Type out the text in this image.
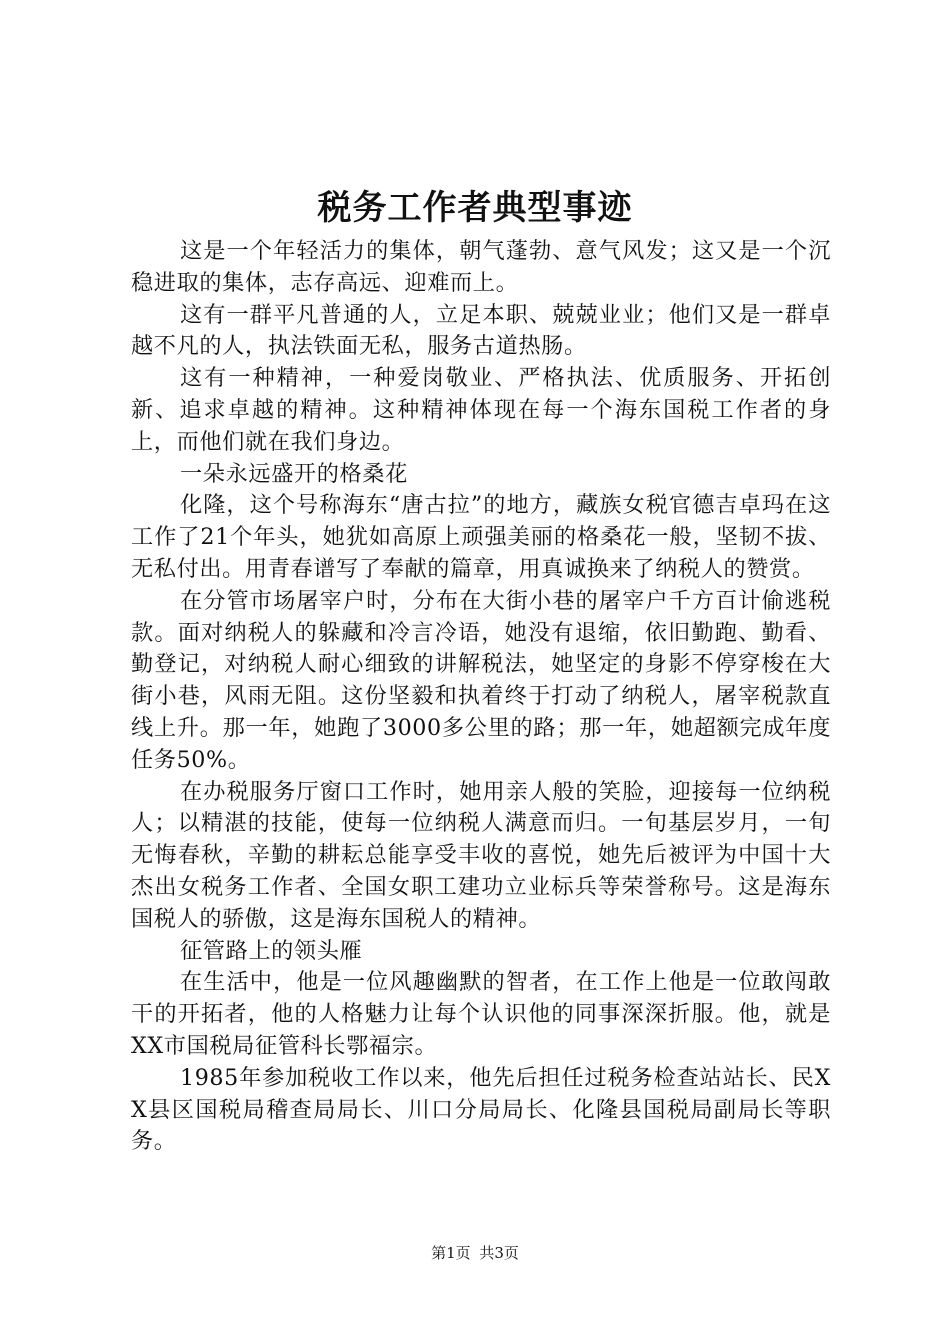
税务工作者典型事迹

这是一个年轻活力的集体，朝气蓬勃、意气风发；这又是一个沉稳进取的集体，志存高远、迎难而上。

这有一群平凡普通的人，立足本职、兢兢业业；他们又是一群卓越不凡的人，执法铁面无私，服务古道热肠。

这有一种精神，一种爱岗敬业、严格执法、优质服务、开拓创新、追求卓越的精神。这种精神体现在每一个海东国税工作者的身上，而他们就在我们身边。

一朵永远盛开的格桑花

化隆，这个号称海东“唐古拉”的地方，藏族女税官德吉卓玛在这工作了21个年头，她犹如高原上顽强美丽的格桑花一般，坚韧不拔、无私付出。用青春谱写了奉献的篇章，用真诚换来了纳税人的赞赏。

在分管市场屠宰户时，分布在大街小巷的屠宰户千方百计偷逃税款。面对纳税人的躲藏和冷言冷语，她没有退缩，依旧勤跑、勤看、勤登记，对纳税人耐心细致的讲解税法，她坚定的身影不停穿梭在大街小巷，风雨无阻。这份坚毅和执着终于打动了纳税人，屠宰税款直线上升。那一年，她跑了3000多公里的路；那一年，她超额完成年度任务50%。

在办税服务厅窗口工作时，她用亲人般的笑脸，迎接每一位纳税人；以精湛的技能，使每一位纳税人满意而归。一旬基层岁月，一旬无悔春秋，辛勤的耕耘总能享受丰收的喜悦，她先后被评为中国十大杰出女税务工作者、全国女职工建功立业标兵等荣誉称号。这是海东国税人的骄傲，这是海东国税人的精神。

征管路上的领头雁

在生活中，他是一位风趣幽默的智者，在工作上他是一位敢闯敢干的开拓者，他的人格魅力让每个认识他的同事深深折服。他，就是XX市国税局征管科长鄂福宗。

1985年参加税收工作以来，他先后担任过税务检查站站长、民XX县区国税局稽查局局长、川口分局局长、化隆县国税局副局长等职务。

第1页 共3页
